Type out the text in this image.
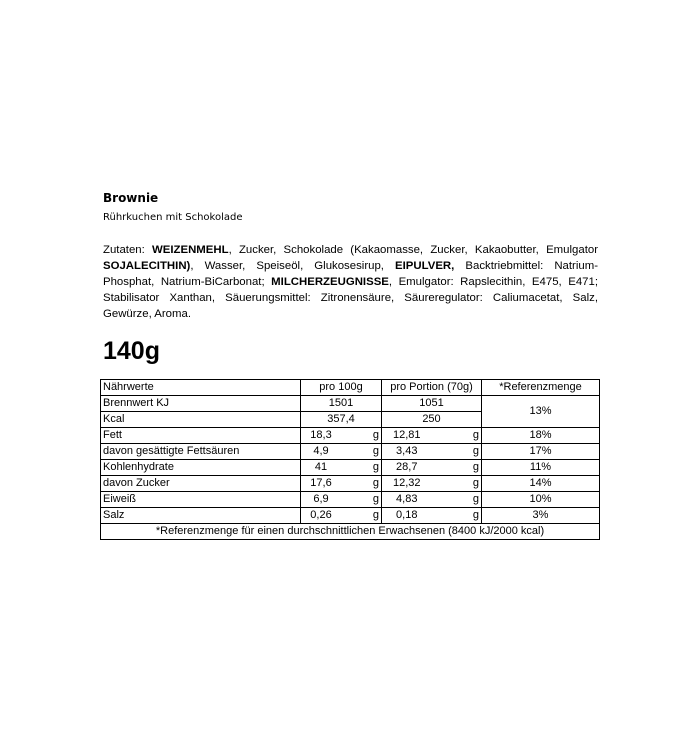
Brownie
Rührkuchen mit Schokolade
Zutaten: WEIZENMEHL, Zucker, Schokolade (Kakaomasse, Zucker, Kakaobutter, Emulgator SOJALECITHIN), Wasser, Speiseöl, Glukosesirup, EIPULVER, Backtriebmittel: Natrium-Phosphat, Natrium-BiCarbonat; MILCHERZEUGNISSE, Emulgator: Rapslecithin, E475, E471; Stabilisator Xanthan, Säuerungsmittel: Zitronensäure, Säureregulator: Caliumacetat, Salz, Gewürze, Aroma.
140g
Nährwerte	pro 100g		pro Portion (70g)		*Referenzmenge
Brennwert KJ	1501		1051		13%
Kcal	357,4		250		
Fett	18,3	g	12,81	g	18%
davon gesättigte Fettsäuren	4,9	g	3,43	g	17%
Kohlenhydrate	41	g	28,7	g	11%
davon Zucker	17,6	g	12,32	g	14%
Eiweiß	6,9	g	4,83	g	10%
Salz	0,26	g	0,18	g	3%
*Referenzmenge für einen durchschnittlichen Erwachsenen (8400 kJ/2000 kcal)					
